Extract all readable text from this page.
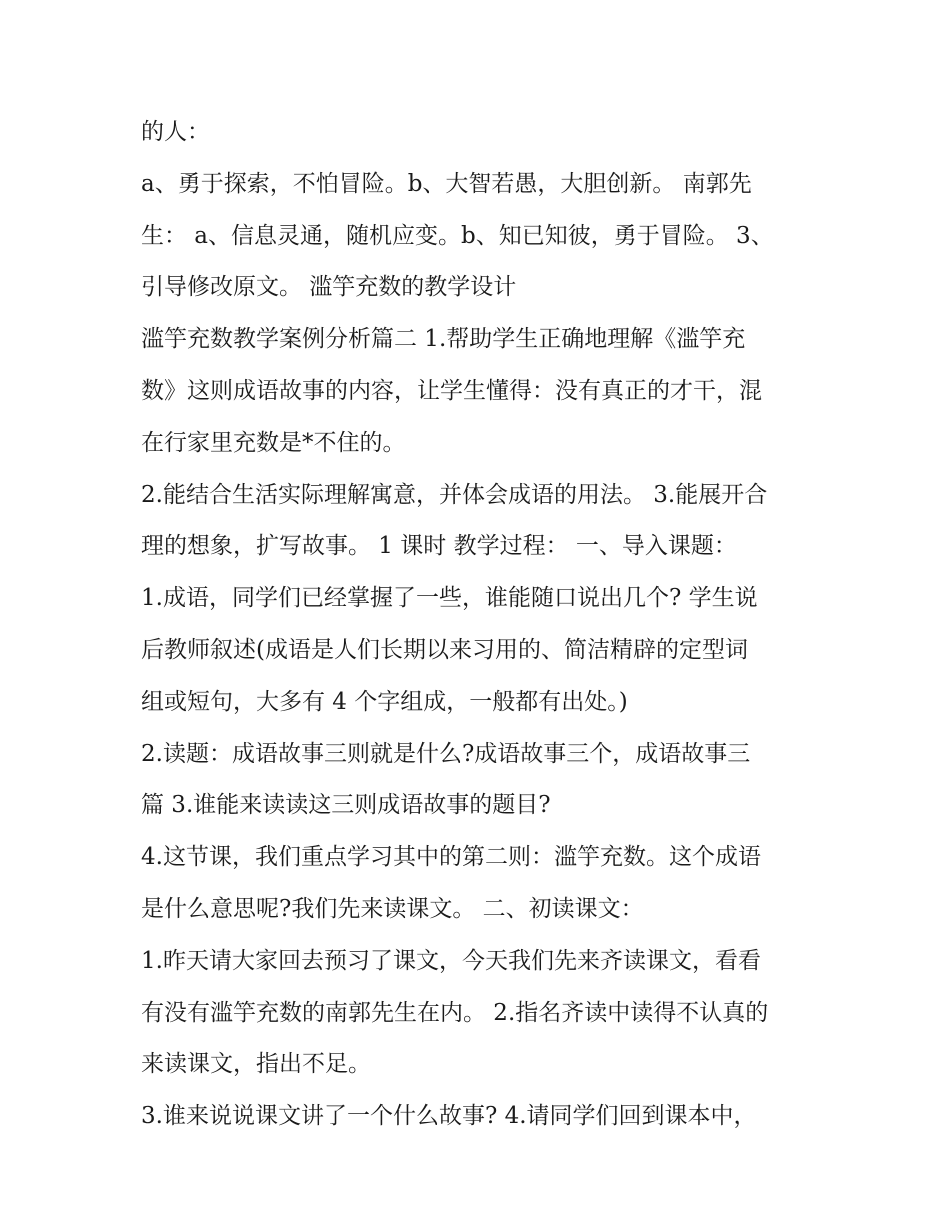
的人：
a、勇于探索，不怕冒险。b、大智若愚，大胆创新。 南郭先
生： a、信息灵通，随机应变。b、知已知彼，勇于冒险。 3、
引导修改原文。 滥竽充数的教学设计
滥竽充数教学案例分析篇二 1.帮助学生正确地理解《滥竽充
数》这则成语故事的内容，让学生懂得：没有真正的才干，混
在行家里充数是*不住的。
2.能结合生活实际理解寓意，并体会成语的用法。 3.能展开合
理的想象，扩写故事。 1 课时 教学过程： 一、导入课题：
1.成语，同学们已经掌握了一些，谁能随口说出几个? 学生说
后教师叙述(成语是人们长期以来习用的、简洁精辟的定型词
组或短句，大多有 4 个字组成，一般都有出处。)
2.读题：成语故事三则就是什么?成语故事三个，成语故事三
篇 3.谁能来读读这三则成语故事的题目?
4.这节课，我们重点学习其中的第二则：滥竽充数。这个成语
是什么意思呢?我们先来读课文。 二、初读课文：
1.昨天请大家回去预习了课文，今天我们先来齐读课文，看看
有没有滥竽充数的南郭先生在内。 2.指名齐读中读得不认真的
来读课文，指出不足。
3.谁来说说课文讲了一个什么故事? 4.请同学们回到课本中，
